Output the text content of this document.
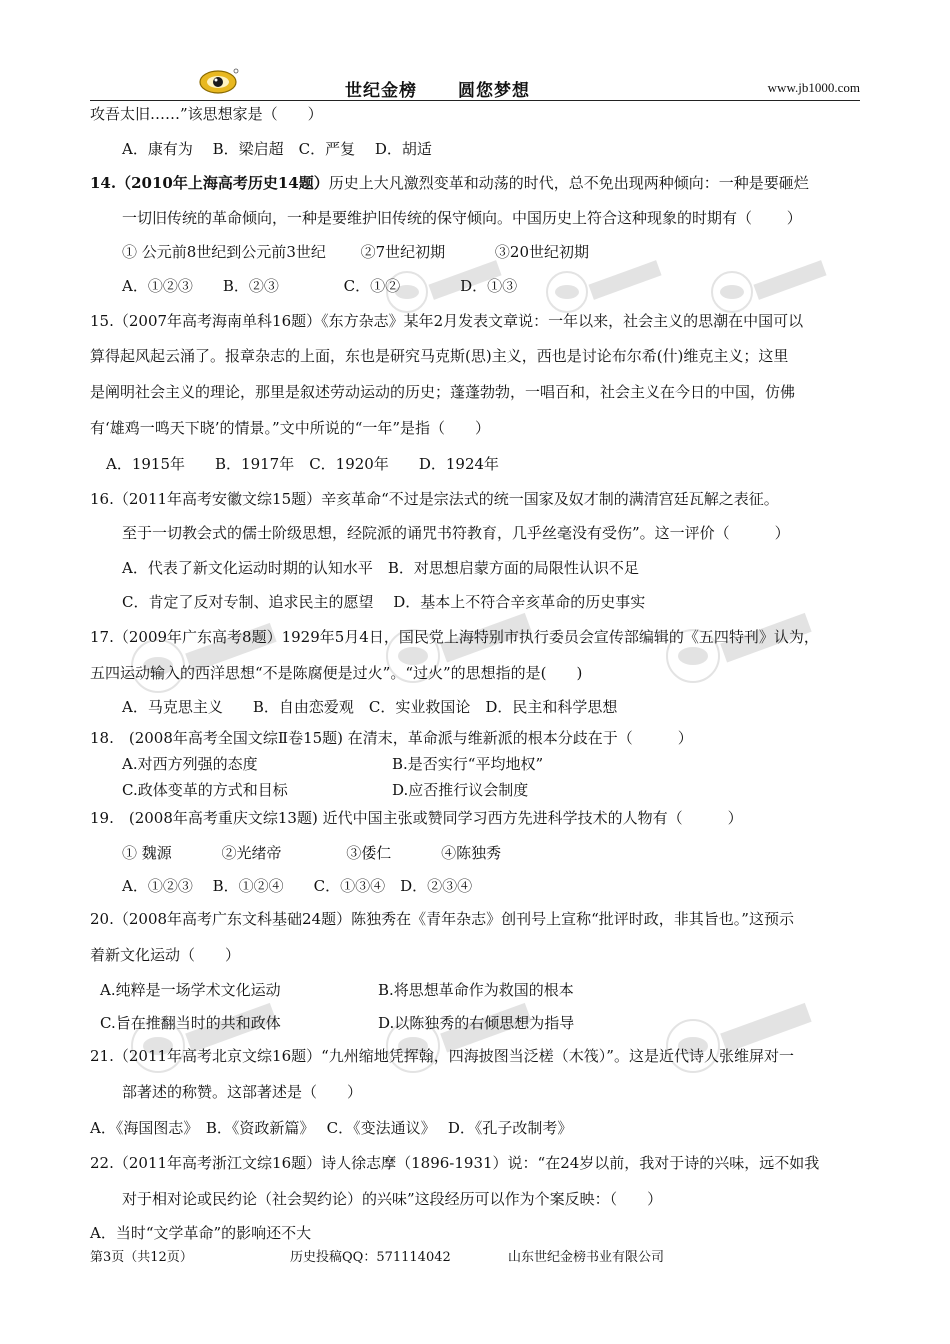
世纪金榜 圆您梦想	www.jb1000.com
攻吾太旧……”该思想家是（　　）
A．康有为　 B．梁启超　C．严复　 D．胡适
14.（2010年上海高考历史14题）历史上大凡激烈变革和动荡的时代，总不免出现两种倾向：一种是要砸烂
一切旧传统的革命倾向，一种是要维护旧传统的保守倾向。中国历史上符合这种现象的时期有（　　 ）
① 公元前8世纪到公元前3世纪　　 ②7世纪初期　　　 ③20世纪初期
A．①②③　　B．②③　　　　 C．①②　　　　D．①③
15.（2007年高考海南单科16题）《东方杂志》某年2月发表文章说：一年以来，社会主义的思潮在中国可以
算得起风起云涌了。报章杂志的上面，东也是研究马克斯(思)主义，西也是讨论布尔希(什)维克主义；这里
是阐明社会主义的理论，那里是叙述劳动运动的历史；蓬蓬勃勃，一唱百和，社会主义在今日的中国，仿佛
有‘雄鸡一鸣天下晓’的情景。”文中所说的“一年”是指（　　）
A．1915年　　B．1917年　C．1920年　　D．1924年
16.（2011年高考安徽文综15题）辛亥革命“不过是宗法式的统一国家及奴才制的满清宫廷瓦解之表征。
至于一切教会式的儒士阶级思想，经院派的诵咒书符教育，几乎丝毫没有受伤”。这一评价（　　　）
A．代表了新文化运动时期的认知水平　B．对思想启蒙方面的局限性认识不足
C．肯定了反对专制、追求民主的愿望　 D．基本上不符合辛亥革命的历史事实
17.（2009年广东高考8题）1929年5月4日，国民党上海特别市执行委员会宣传部编辑的《五四特刊》认为，
五四运动输入的西洋思想“不是陈腐便是过火”。“过火”的思想指的是(　　)
A．马克思主义　　B．自由恋爱观　C．实业救国论　D．民主和科学思想
18.　(2008年高考全国文综Ⅱ卷15题) 在清末，革命派与维新派的根本分歧在于（　　　）
A.对西方列强的态度	B.是否实行“平均地权”
C.政体变革的方式和目标	D.应否推行议会制度
19.　(2008年高考重庆文综13题) 近代中国主张或赞同学习西方先进科学技术的人物有（　　　）
① 魏源　　　 ②光绪帝　　　　 ③倭仁　　　 ④陈独秀
A．①②③　 B．①②④　　C．①③④　D．②③④
20.（2008年高考广东文科基础24题）陈独秀在《青年杂志》创刊号上宣称“批评时政，非其旨也。”这预示
着新文化运动（　　）
A.纯粹是一场学术文化运动	B.将思想革命作为救国的根本
C.旨在推翻当时的共和政体	D.以陈独秀的右倾思想为指导
21.（2011年高考北京文综16题）“九州缩地凭挥翰，四海披图当泛槎（木筏）”。这是近代诗人张维屏对一
部著述的称赞。这部著述是（　　）
A．《海国图志》　B．《资政新篇》　 C．《变法通议》　 D．《孔子改制考》
22.（2011年高考浙江文综16题）诗人徐志摩（1896-1931）说：“在24岁以前，我对于诗的兴味，远不如我
对于相对论或民约论（社会契约论）的兴味”这段经历可以作为个案反映：（　　）
A．当时“文学革命”的影响还不大
第3页（共12页）	历史投稿QQ：571114042	山东世纪金榜书业有限公司
